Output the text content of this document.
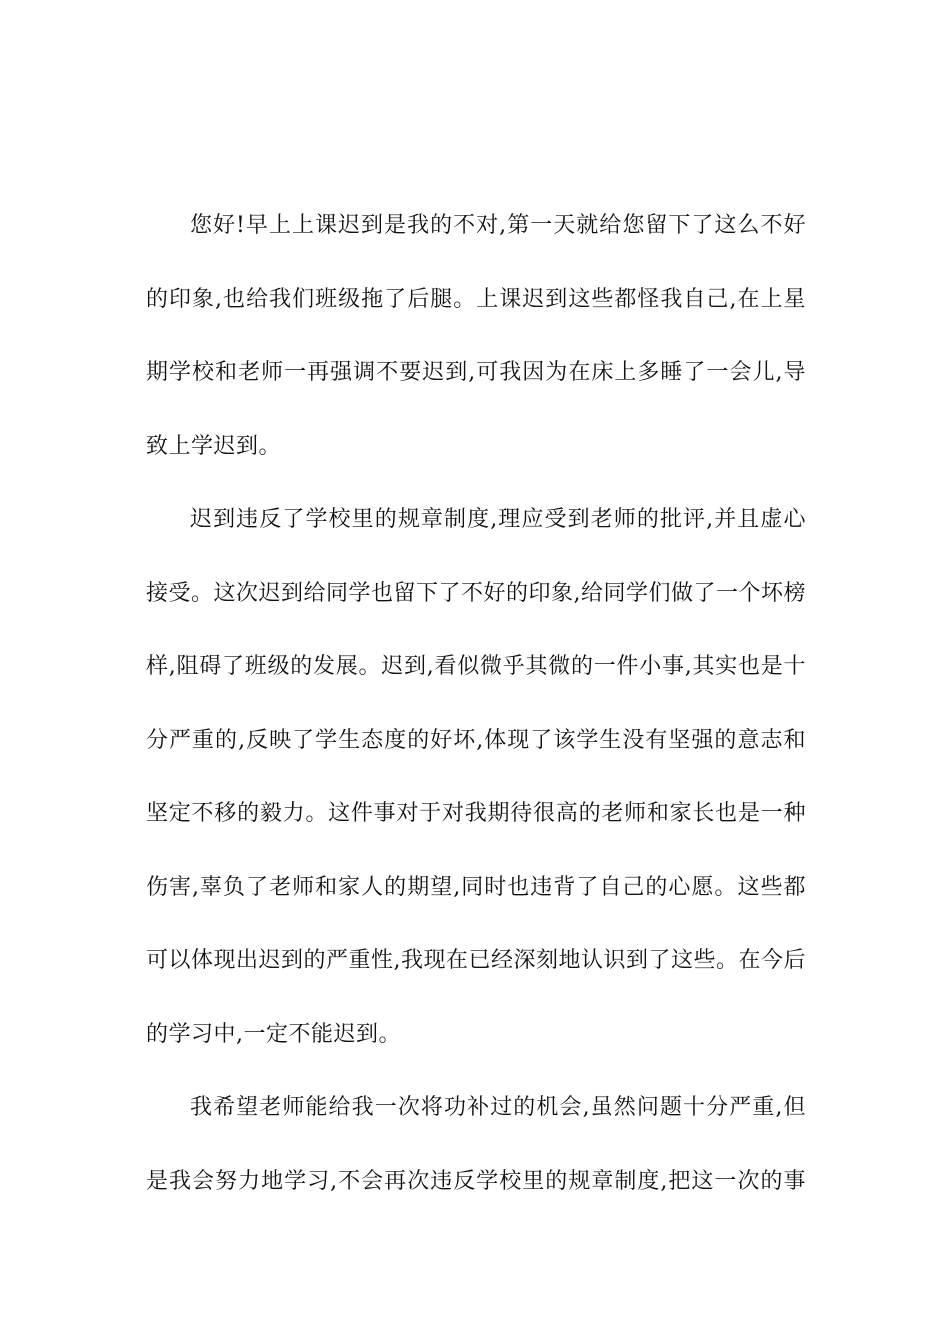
您好!早上上课迟到是我的不对,第一天就给您留下了这么不好
的印象,也给我们班级拖了后腿。上课迟到这些都怪我自己,在上星
期学校和老师一再强调不要迟到,可我因为在床上多睡了一会儿,导
致上学迟到。
迟到违反了学校里的规章制度,理应受到老师的批评,并且虚心
接受。这次迟到给同学也留下了不好的印象,给同学们做了一个坏榜
样,阻碍了班级的发展。迟到,看似微乎其微的一件小事,其实也是十
分严重的,反映了学生态度的好坏,体现了该学生没有坚强的意志和
坚定不移的毅力。这件事对于对我期待很高的老师和家长也是一种
伤害,辜负了老师和家人的期望,同时也违背了自己的心愿。这些都
可以体现出迟到的严重性,我现在已经深刻地认识到了这些。在今后
的学习中,一定不能迟到。
我希望老师能给我一次将功补过的机会,虽然问题十分严重,但
是我会努力地学习,不会再次违反学校里的规章制度,把这一次的事
